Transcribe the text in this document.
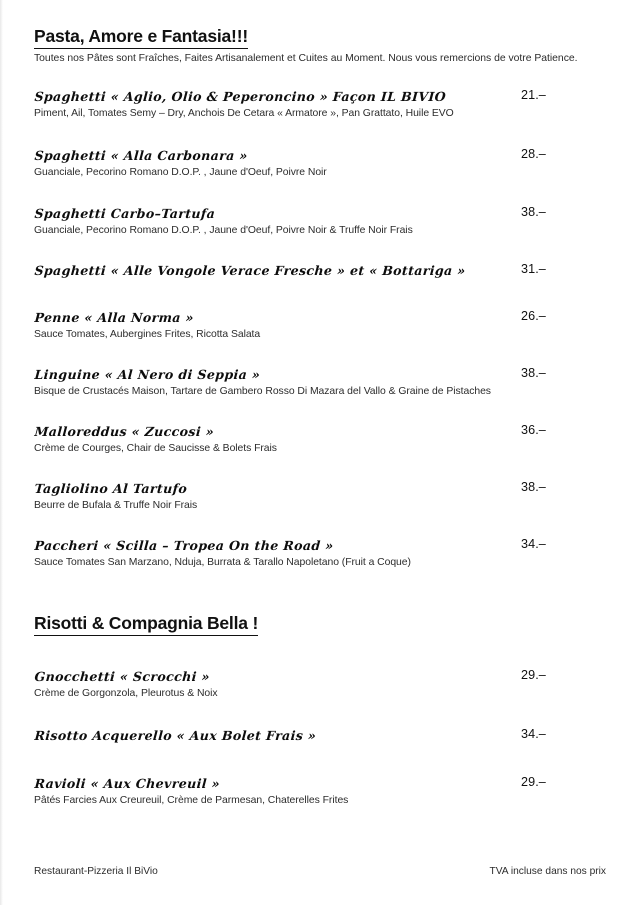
Pasta, Amore e Fantasia!!!
Toutes nos Pâtes sont Fraîches, Faites Artisanalement et Cuites au Moment. Nous vous remercions de votre Patience.
Spaghetti « Aglio, Olio & Peperoncino » Façon IL BIVIO	21.–
Piment, Ail, Tomates Semy – Dry, Anchois De Cetara « Armatore », Pan Grattato, Huile EVO
Spaghetti « Alla Carbonara »	28.–
Guanciale, Pecorino Romano D.O.P. , Jaune d'Oeuf, Poivre Noir
Spaghetti Carbo–Tartufa	38.–
Guanciale, Pecorino Romano D.O.P. , Jaune d'Oeuf, Poivre Noir & Truffe Noir Frais
Spaghetti « Alle Vongole Verace Fresche » et « Bottariga »	31.–
Penne « Alla Norma »	26.–
Sauce Tomates, Aubergines Frites, Ricotta Salata
Linguine « Al Nero di Seppia »	38.–
Bisque de Crustacés Maison, Tartare de Gambero Rosso Di Mazara del Vallo & Graine de Pistaches
Malloreddus « Zuccosi »	36.–
Crème de Courges, Chair de Saucisse & Bolets Frais
Tagliolino Al Tartufo	38.–
Beurre de Bufala & Truffe Noir Frais
Paccheri « Scilla – Tropea On the Road »	34.–
Sauce Tomates San Marzano, Nduja, Burrata & Tarallo Napoletano (Fruit a Coque)
Risotti & Compagnia Bella !
Gnocchetti « Scrocchi »	29.–
Crème de Gorgonzola, Pleurotus & Noix
Risotto Acquerello « Aux Bolet Frais »	34.–
Ravioli « Aux Chevreuil »	29.–
Pâtés Farcies Aux Creureuil, Crème de Parmesan, Chaterelles Frites
Restaurant-Pizzeria Il BiVio	TVA incluse dans nos prix
